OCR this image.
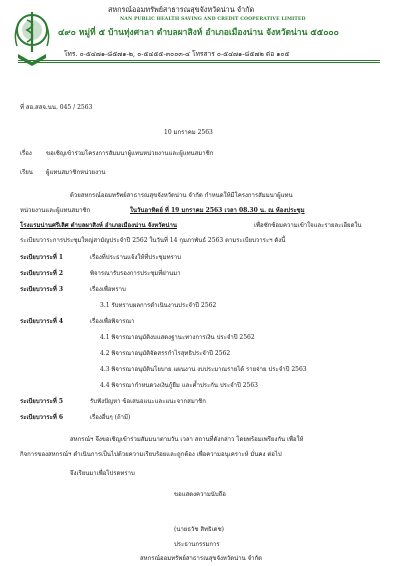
สหกรณ์ออมทรัพย์สาธารณสุขจังหวัดน่าน จำกัด
NAN PUBLIC HEALTH SAVING AND CREDIT COOPERATIVE LIMITED
๔๙๐ หมู่ที่ ๕ บ้านทุ่งศาลา ตำบลผาสิงห์ อำเภอเมืองน่าน จังหวัดน่าน ๕๕๐๐๐
โทร. ๐-๕๔๗๑-๘๕๗๑-๒, ๐-๕๔๕๕-๓๐๐๓-๔ โทรสาร ๐-๕๔๗๑-๘๕๗๒ ต่อ ๑๐๕
ที่ สอ.สสจ.นน. 045 / 2563
10 มกราคม 2563
เรื่อง ขอเชิญเข้าร่วมโครงการสัมมนาผู้แทนหน่วยงานและผู้แทนสมาชิก
เรียน ผู้แทนสมาชิกหน่วยงาน
ด้วยสหกรณ์ออมทรัพย์สาธารณสุขจังหวัดน่าน จำกัด กำหนดให้มีโครงการสัมมนาผู้แทน
หน่วยงานและผู้แทนสมาชิก	ในวันอาทิตย์ ที่ 19 มกราคม 2563 เวลา 08.30 น. ณ ห้องประชุม
โรงแรมน่านศรีเลิศ ตำบลผาสิงห์ อำเภอเมืองน่าน จังหวัดน่าน	เพื่อซักซ้อมความเข้าใจและรายละเอียดใน
ระเบียบวาระการประชุมใหญ่สามัญประจำปี 2562 ในวันที่ 14 กุมภาพันธ์ 2563 ตามระเบียบวาระฯ ดังนี้
ระเบียบวาระที่ 1	เรื่องที่ประธานแจ้งให้ที่ประชุมทราบ
ระเบียบวาระที่ 2	พิจารณารับรองการประชุมที่ผ่านมา
ระเบียบวาระที่ 3	เรื่องเพื่อทราบ
3.1 รับทราบผลการดำเนินงานประจำปี 2562
ระเบียบวาระที่ 4	เรื่องเพื่อพิจารณา
4.1 พิจารณาอนุมัติงบแสดงฐานะทางการเงิน ประจำปี 2562
4.2 พิจารณาอนุมัติจัดสรรกำไรสุทธิประจำปี 2562
4.3 พิจารณาอนุมัตินโยบาย แผนงาน งบประมาณรายได้ รายจ่าย ประจำปี 2563
4.4 พิจารณากำหนดวงเงินกู้ยืม และค้ำประกัน ประจำปี 2563
ระเบียบวาระที่ 5	รับฟังปัญหา ข้อเสนอแนะและแนะจากสมาชิก
ระเบียบวาระที่ 6	เรื่องอื่นๆ (ถ้ามี)
สหกรณ์ฯ จึงขอเชิญเข้าร่วมสัมมนาตามวัน เวลา สถานที่ดังกล่าว โดยพร้อมเพรียงกัน เพื่อให้
กิจการของสหกรณ์ฯ ดำเนินการเป็นไปด้วยความเรียบร้อยและถูกต้อง เพื่อความอนุเคราะห์ มั่นคง ต่อไป
จึงเรียนมาเพื่อโปรดทราบ
ขอแสดงความนับถือ
(นายธวัช สิทธิเดช)
ประธานกรรมการ
สหกรณ์ออมทรัพย์สาธารณสุขจังหวัดน่าน จำกัด
